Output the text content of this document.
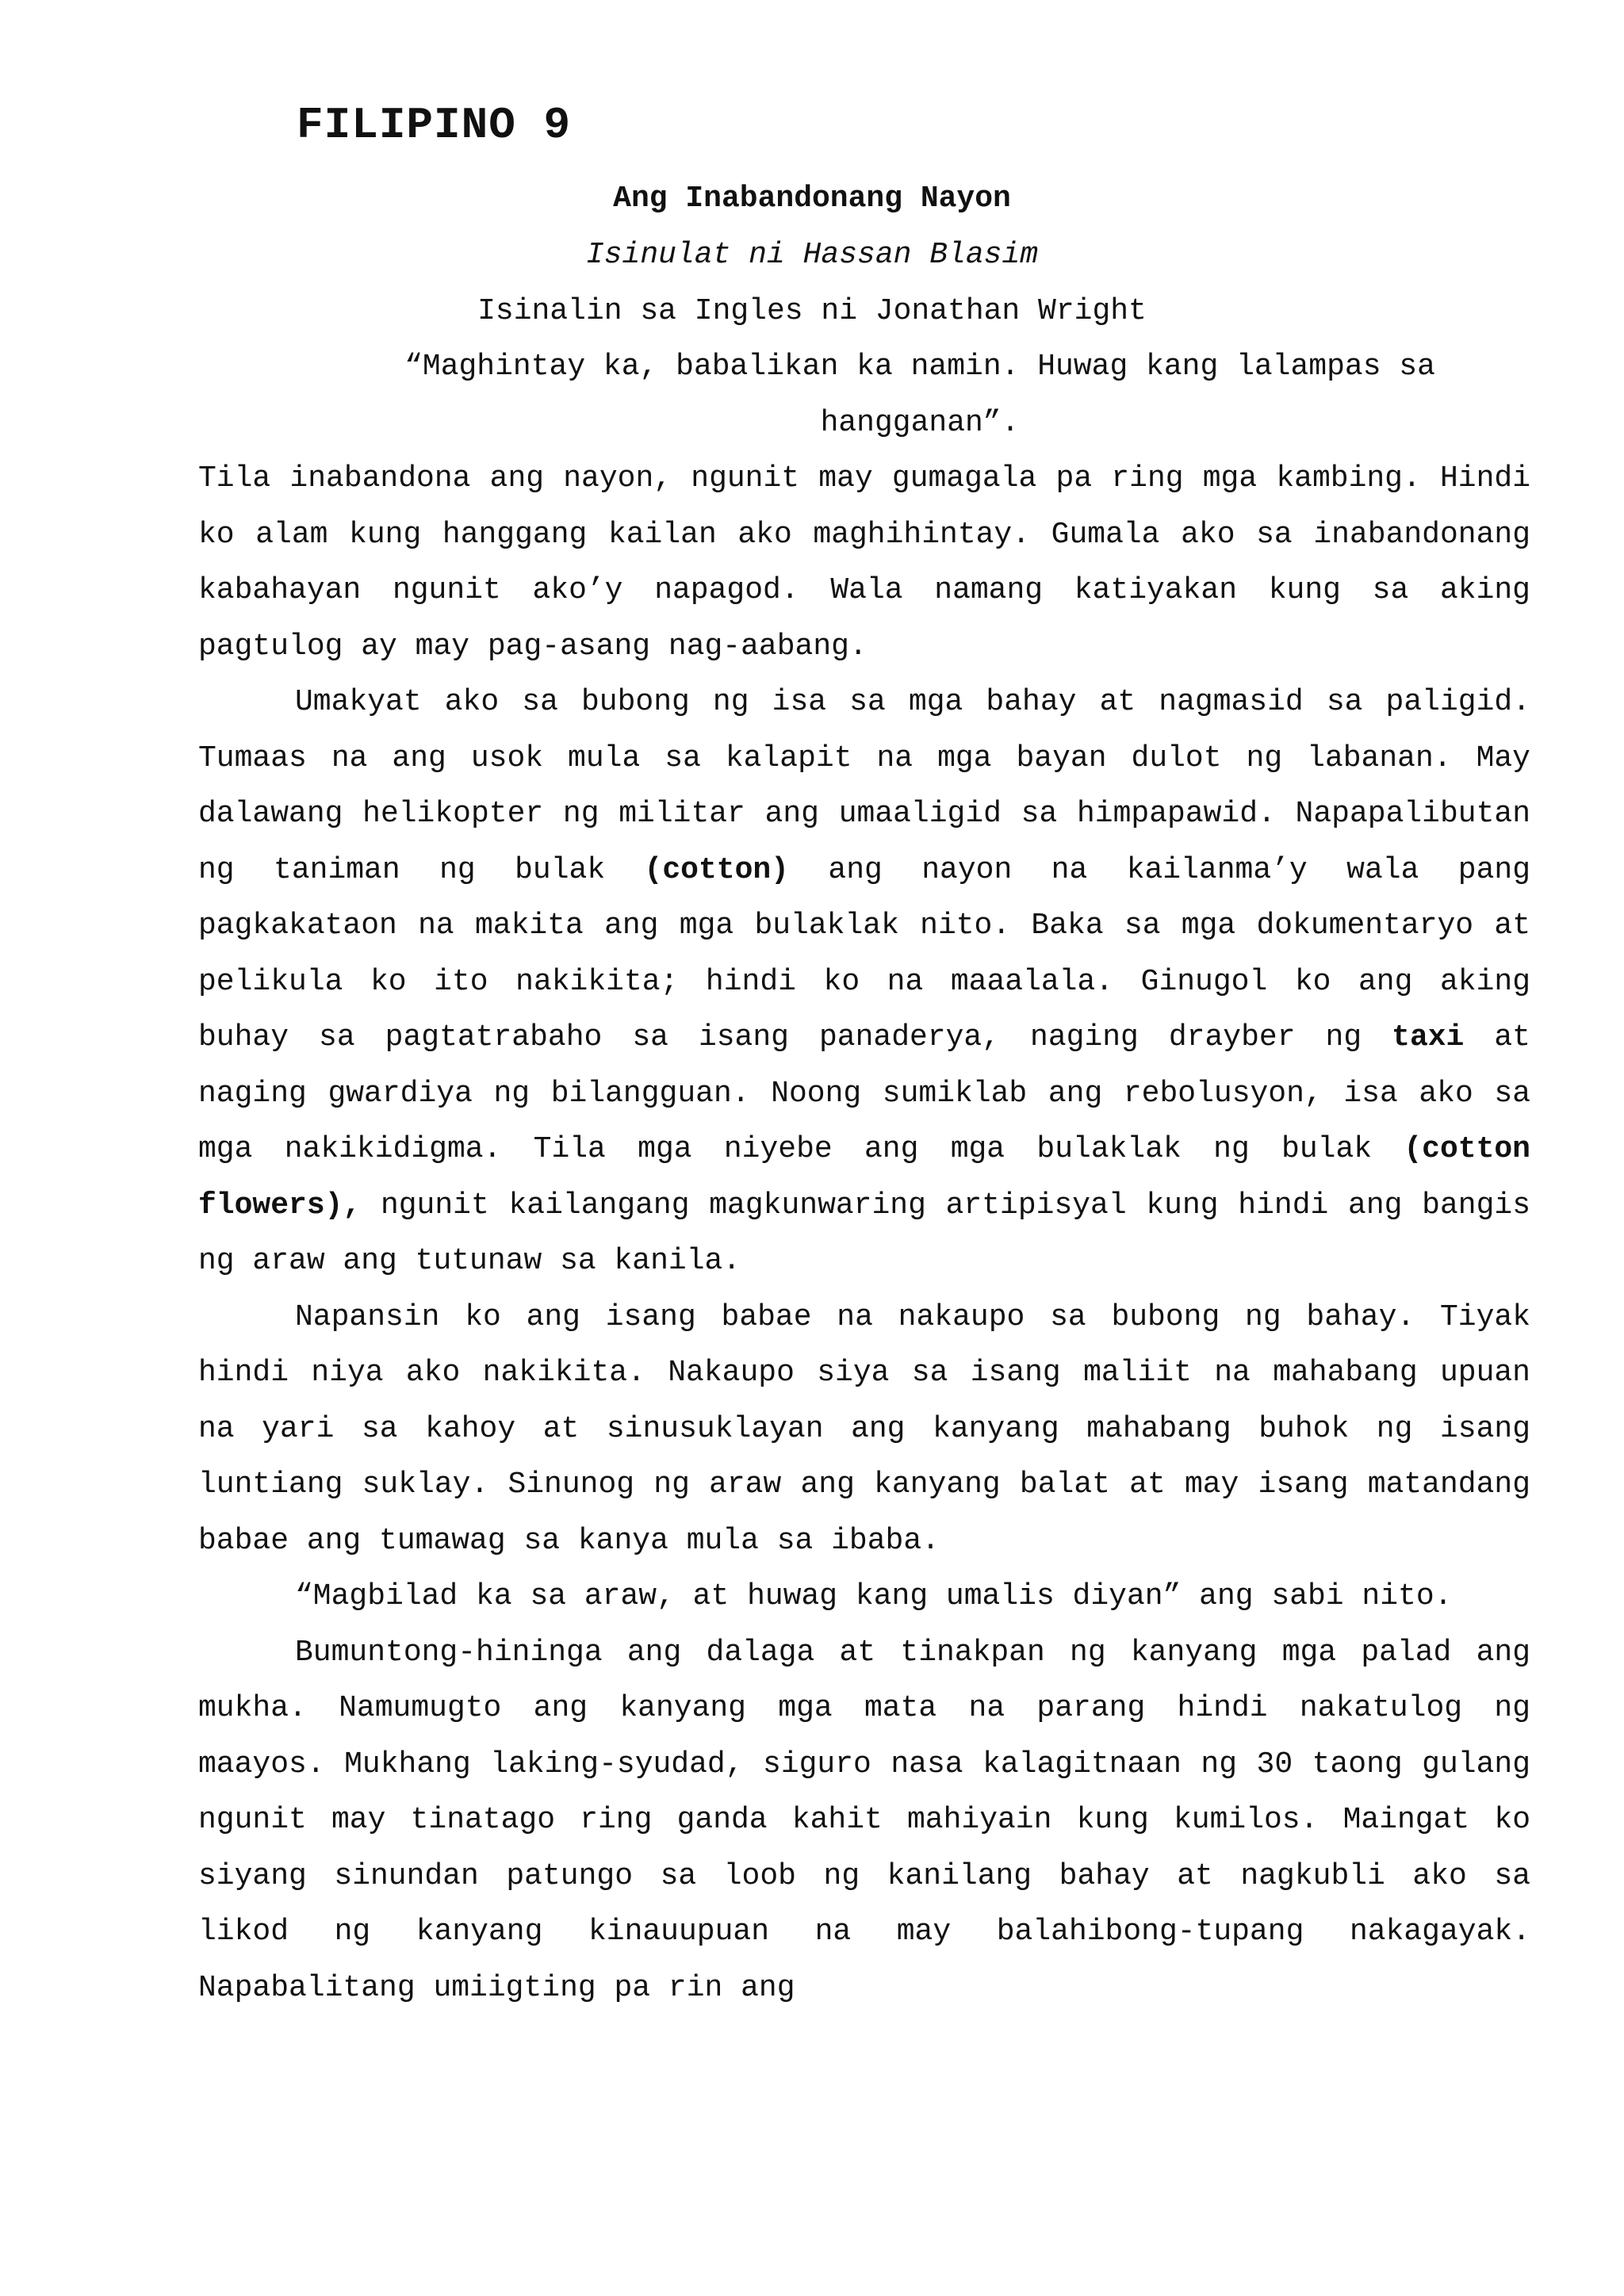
FILIPINO 9

Ang Inabandonang Nayon

Isinulat ni Hassan Blasim

Isinalin sa Ingles ni Jonathan Wright

“Maghintay ka, babalikan ka namin. Huwag kang lalampas sa hangganan”.

Tila inabandona ang nayon, ngunit may gumagala pa ring mga kambing. Hindi ko alam kung hanggang kailan ako maghihintay. Gumala ako sa inabandonang kabahayan ngunit ako’y napagod. Wala namang katiyakan kung sa aking pagtulog ay may pag-asang nag-aabang.

Umakyat ako sa bubong ng isa sa mga bahay at nagmasid sa paligid. Tumaas na ang usok mula sa kalapit na mga bayan dulot ng labanan. May dalawang helikopter ng militar ang umaaligid sa himpapawid. Napapalibutan ng taniman ng bulak (cotton) ang nayon na kailanma’y wala pang pagkakataon na makita ang mga bulaklak nito. Baka sa mga dokumentaryo at pelikula ko ito nakikita; hindi ko na maaalala. Ginugol ko ang aking buhay sa pagtatrabaho sa isang panaderya, naging drayber ng taxi at naging gwardiya ng bilangguan. Noong sumiklab ang rebolusyon, isa ako sa mga nakikidigma. Tila mga niyebe ang mga bulaklak ng bulak (cotton flowers), ngunit kailangang magkunwaring artipisyal kung hindi ang bangis ng araw ang tutunaw sa kanila.

Napansin ko ang isang babae na nakaupo sa bubong ng bahay. Tiyak hindi niya ako nakikita. Nakaupo siya sa isang maliit na mahabang upuan na yari sa kahoy at sinusuklayan ang kanyang mahabang buhok ng isang luntiang suklay. Sinunog ng araw ang kanyang balat at may isang matandang babae ang tumawag sa kanya mula sa ibaba.

“Magbilad ka sa araw, at huwag kang umalis diyan” ang sabi nito.

Bumuntong-hininga ang dalaga at tinakpan ng kanyang mga palad ang mukha. Namumugto ang kanyang mga mata na parang hindi nakatulog ng maayos. Mukhang laking-syudad, siguro nasa kalagitnaan ng 30 taong gulang ngunit may tinatago ring ganda kahit mahiyain kung kumilos. Maingat ko siyang sinundan patungo sa loob ng kanilang bahay at nagkubli ako sa likod ng kanyang kinauupuan na may balahibong-tupang nakagayak. Napabalitang umiigting pa rin ang
